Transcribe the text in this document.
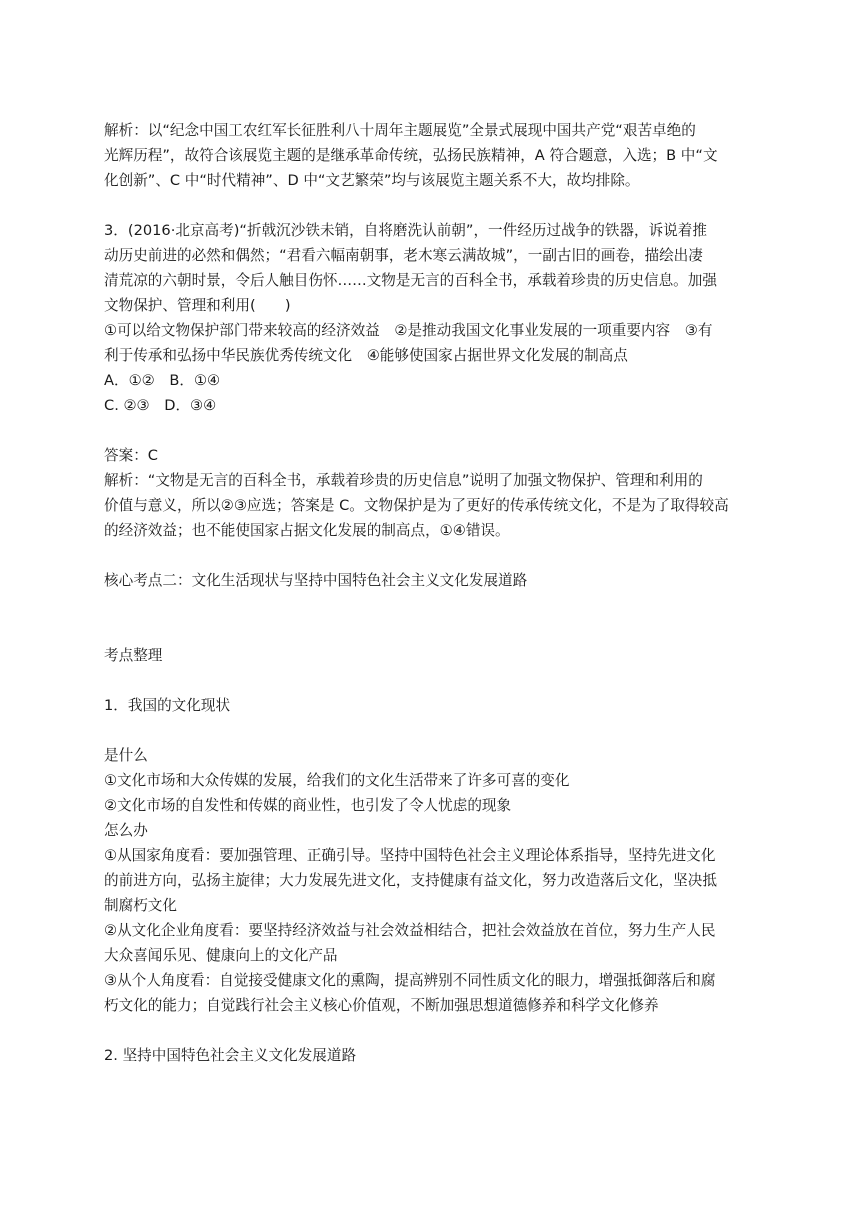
解析：以“纪念中国工农红军长征胜利八十周年主题展览”全景式展现中国共产党“艰苦卓绝的
光辉历程”，故符合该展览主题的是继承革命传统，弘扬民族精神，A 符合题意，入选；B 中“文
化创新”、C 中“时代精神”、D 中“文艺繁荣”均与该展览主题关系不大，故均排除。
3．(2016·北京高考)“折戟沉沙铁未销，自将磨洗认前朝”，一件经历过战争的铁器，诉说着推
动历史前进的必然和偶然；“君看六幅南朝事，老木寒云满故城”，一副古旧的画卷，描绘出凄
清荒凉的六朝时景，令后人触目伤怀……文物是无言的百科全书，承载着珍贵的历史信息。加强
文物保护、管理和利用(　　)
①可以给文物保护部门带来较高的经济效益　②是推动我国文化事业发展的一项重要内容　③有
利于传承和弘扬中华民族优秀传统文化　④能够使国家占据世界文化发展的制高点
A．①②　B．①④
C. ②③　D．③④
答案：C
解析：“文物是无言的百科全书，承载着珍贵的历史信息”说明了加强文物保护、管理和利用的
价值与意义，所以②③应选；答案是 C。文物保护是为了更好的传承传统文化，不是为了取得较高
的经济效益；也不能使国家占据文化发展的制高点，①④错误。
核心考点二：文化生活现状与坚持中国特色社会主义文化发展道路
考点整理
1．我国的文化现状
是什么
①文化市场和大众传媒的发展，给我们的文化生活带来了许多可喜的变化
②文化市场的自发性和传媒的商业性，也引发了令人忧虑的现象
怎么办
①从国家角度看：要加强管理、正确引导。坚持中国特色社会主义理论体系指导，坚持先进文化
的前进方向，弘扬主旋律；大力发展先进文化，支持健康有益文化，努力改造落后文化，坚决抵
制腐朽文化
②从文化企业角度看：要坚持经济效益与社会效益相结合，把社会效益放在首位，努力生产人民
大众喜闻乐见、健康向上的文化产品
③从个人角度看：自觉接受健康文化的熏陶，提高辨别不同性质文化的眼力，增强抵御落后和腐
朽文化的能力；自觉践行社会主义核心价值观，不断加强思想道德修养和科学文化修养
2. 坚持中国特色社会主义文化发展道路
